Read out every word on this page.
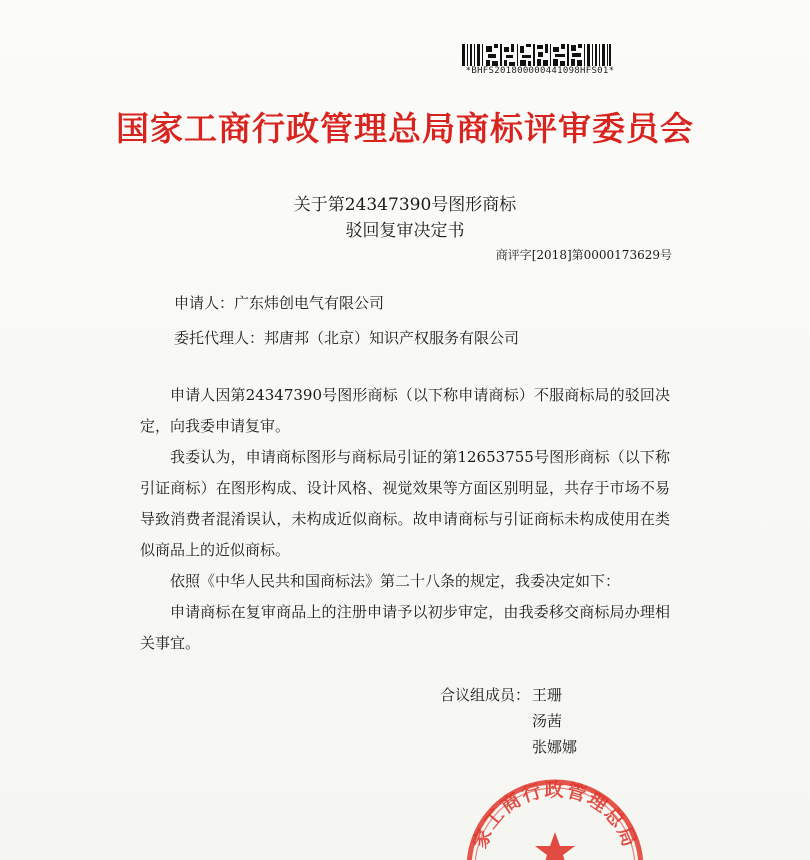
*BHFS201800000441098HFS01*
国家工商行政管理总局商标评审委员会
关于第24347390号图形商标
驳回复审决定书
商评字[2018]第0000173629号
申请人：广东炜创电气有限公司
委托代理人：邦唐邦（北京）知识产权服务有限公司

申请人因第24347390号图形商标（以下称申请商标）不服商标局的驳回决定，向我委申请复审。

我委认为，申请商标图形与商标局引证的第12653755号图形商标（以下称引证商标）在图形构成、设计风格、视觉效果等方面区别明显，共存于市场不易导致消费者混淆误认，未构成近似商标。故申请商标与引证商标未构成使用在类似商品上的近似商标。

依照《中华人民共和国商标法》第二十八条的规定，我委决定如下：

申请商标在复审商品上的注册申请予以初步审定，由我委移交商标局办理相关事宜。

合议组成员： 王珊
汤茜
张娜娜
家工商行政管理总局
